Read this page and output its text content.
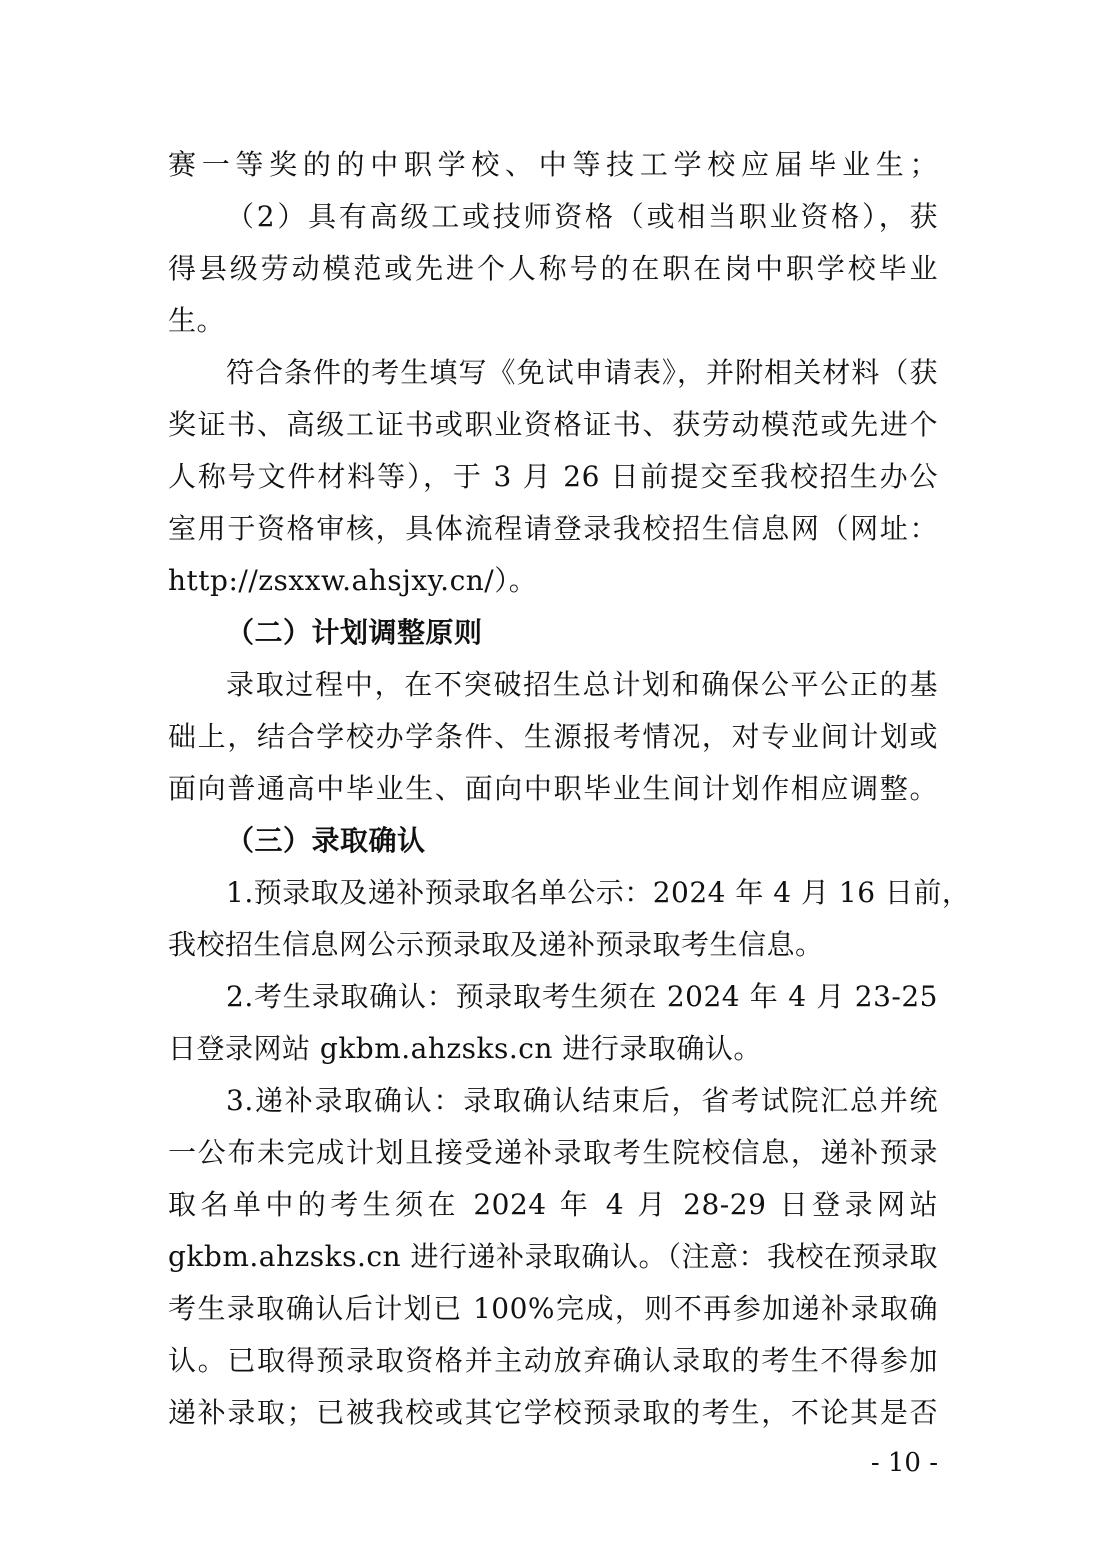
赛一等奖的的中职学校、中等技工学校应届毕业生；
（2）具有高级工或技师资格（或相当职业资格），获
得县级劳动模范或先进个人称号的在职在岗中职学校毕业
生。
符合条件的考生填写《免试申请表》，并附相关材料（获
奖证书、高级工证书或职业资格证书、获劳动模范或先进个
人称号文件材料等），于 3 月 26 日前提交至我校招生办公
室用于资格审核，具体流程请登录我校招生信息网（网址：
http://zsxxw.ahsjxy.cn/）。
（二）计划调整原则
录取过程中，在不突破招生总计划和确保公平公正的基
础上，结合学校办学条件、生源报考情况，对专业间计划或
面向普通高中毕业生、面向中职毕业生间计划作相应调整。
（三）录取确认
1.预录取及递补预录取名单公示：2024 年 4 月 16 日前，
我校招生信息网公示预录取及递补预录取考生信息。
2.考生录取确认：预录取考生须在 2024 年 4 月 23-25
日登录网站 gkbm.ahzsks.cn 进行录取确认。
3.递补录取确认：录取确认结束后，省考试院汇总并统
一公布未完成计划且接受递补录取考生院校信息，递补预录
取名单中的考生须在 2024 年 4 月 28-29 日登录网站
gkbm.ahzsks.cn 进行递补录取确认。（注意：我校在预录取
考生录取确认后计划已 100%完成，则不再参加递补录取确
认。已取得预录取资格并主动放弃确认录取的考生不得参加
递补录取；已被我校或其它学校预录取的考生，不论其是否
- 10 -
